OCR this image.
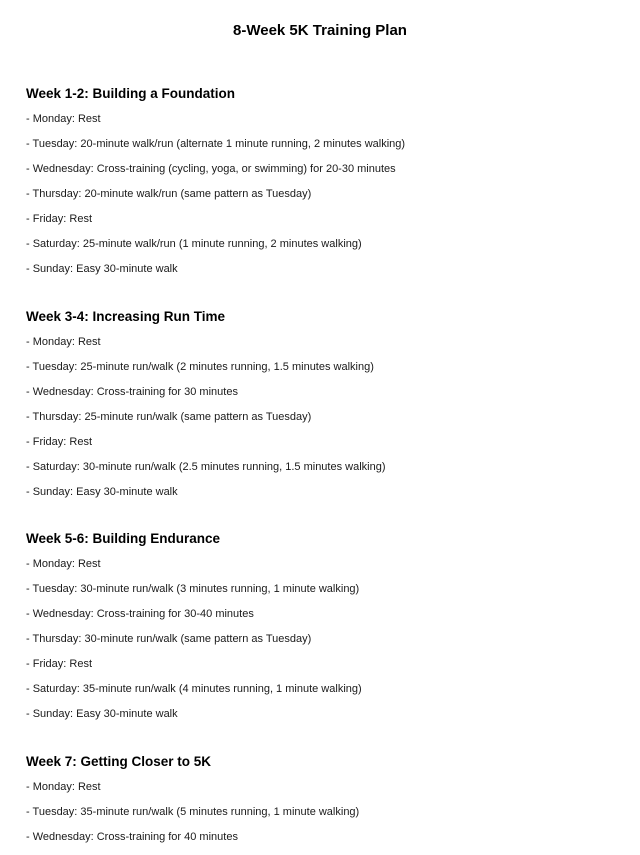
8-Week 5K Training Plan
Week 1-2: Building a Foundation
- Monday: Rest
- Tuesday: 20-minute walk/run (alternate 1 minute running, 2 minutes walking)
- Wednesday: Cross-training (cycling, yoga, or swimming) for 20-30 minutes
- Thursday: 20-minute walk/run (same pattern as Tuesday)
- Friday: Rest
- Saturday: 25-minute walk/run (1 minute running, 2 minutes walking)
- Sunday: Easy 30-minute walk
Week 3-4: Increasing Run Time
- Monday: Rest
- Tuesday: 25-minute run/walk (2 minutes running, 1.5 minutes walking)
- Wednesday: Cross-training for 30 minutes
- Thursday: 25-minute run/walk (same pattern as Tuesday)
- Friday: Rest
- Saturday: 30-minute run/walk (2.5 minutes running, 1.5 minutes walking)
- Sunday: Easy 30-minute walk
Week 5-6: Building Endurance
- Monday: Rest
- Tuesday: 30-minute run/walk (3 minutes running, 1 minute walking)
- Wednesday: Cross-training for 30-40 minutes
- Thursday: 30-minute run/walk (same pattern as Tuesday)
- Friday: Rest
- Saturday: 35-minute run/walk (4 minutes running, 1 minute walking)
- Sunday: Easy 30-minute walk
Week 7: Getting Closer to 5K
- Monday: Rest
- Tuesday: 35-minute run/walk (5 minutes running, 1 minute walking)
- Wednesday: Cross-training for 40 minutes
